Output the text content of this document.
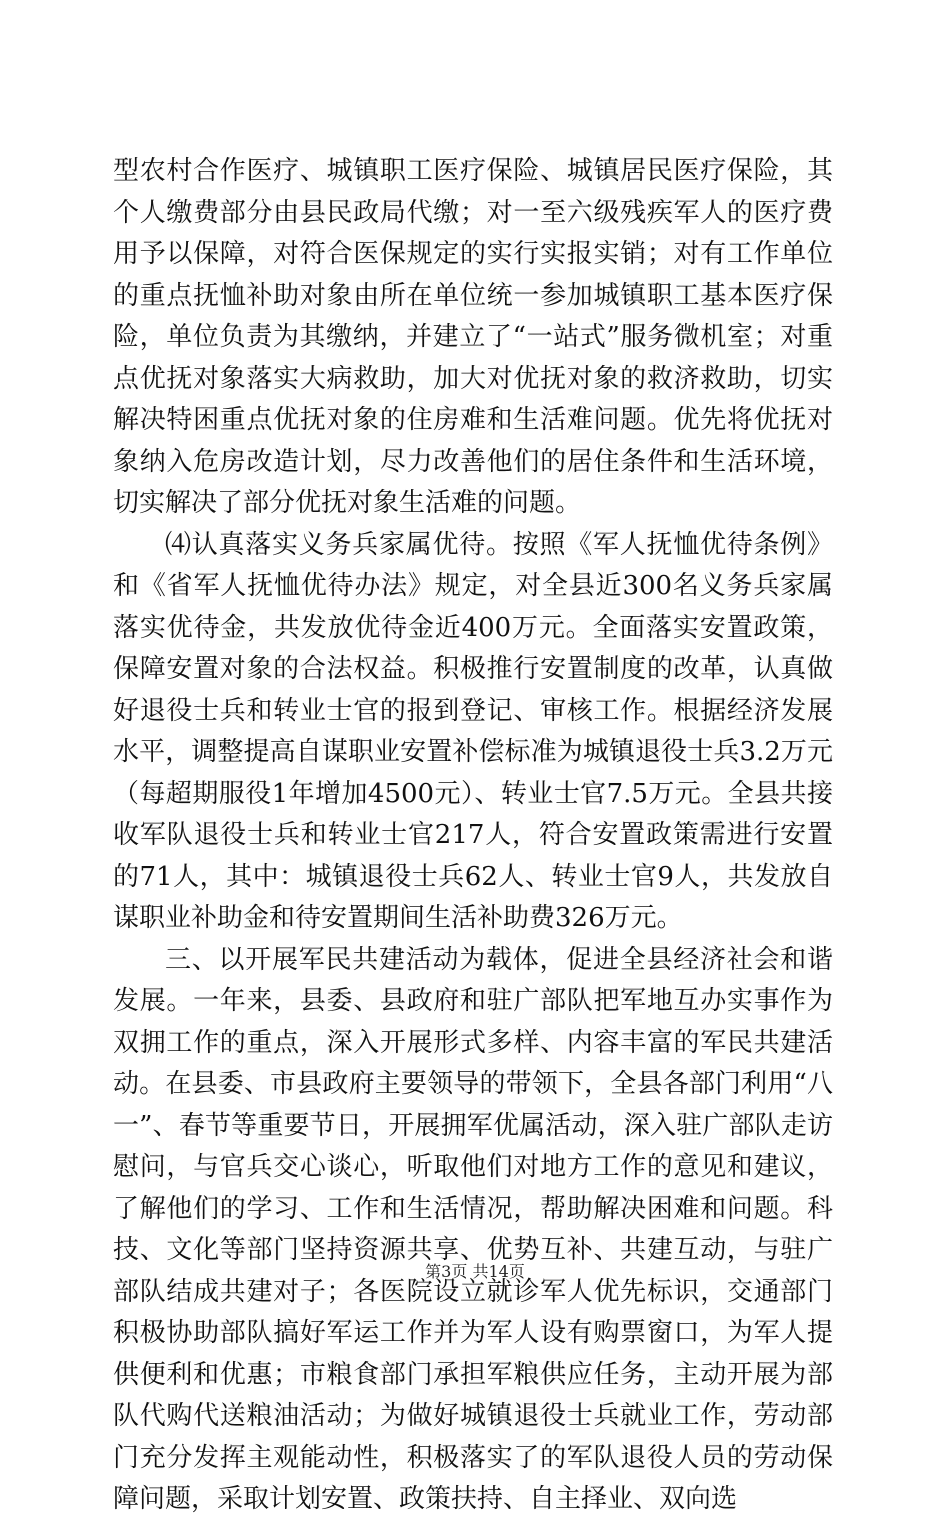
型农村合作医疗、城镇职工医疗保险、城镇居民医疗保险，其个人缴费部分由县民政局代缴；对一至六级残疾军人的医疗费用予以保障，对符合医保规定的实行实报实销；对有工作单位的重点抚恤补助对象由所在单位统一参加城镇职工基本医疗保险，单位负责为其缴纳，并建立了“一站式”服务微机室；对重点优抚对象落实大病救助，加大对优抚对象的救济救助，切实解决特困重点优抚对象的住房难和生活难问题。优先将优抚对象纳入危房改造计划，尽力改善他们的居住条件和生活环境，切实解决了部分优抚对象生活难的问题。

⑷认真落实义务兵家属优待。按照《军人抚恤优待条例》和《省军人抚恤优待办法》规定，对全县近300名义务兵家属落实优待金，共发放优待金近400万元。全面落实安置政策，保障安置对象的合法权益。积极推行安置制度的改革，认真做好退役士兵和转业士官的报到登记、审核工作。根据经济发展水平，调整提高自谋职业安置补偿标准为城镇退役士兵3.2万元（每超期服役1年增加4500元）、转业士官7.5万元。全县共接收军队退役士兵和转业士官217人，符合安置政策需进行安置的71人，其中：城镇退役士兵62人、转业士官9人，共发放自谋职业补助金和待安置期间生活补助费326万元。

三、以开展军民共建活动为载体，促进全县经济社会和谐发展。一年来，县委、县政府和驻广部队把军地互办实事作为双拥工作的重点，深入开展形式多样、内容丰富的军民共建活动。在县委、市县政府主要领导的带领下，全县各部门利用“八一”、春节等重要节日，开展拥军优属活动，深入驻广部队走访慰问，与官兵交心谈心，听取他们对地方工作的意见和建议，了解他们的学习、工作和生活情况，帮助解决困难和问题。科技、文化等部门坚持资源共享、优势互补、共建互动，与驻广部队结成共建对子；各医院设立就诊军人优先标识，交通部门积极协助部队搞好军运工作并为军人设有购票窗口，为军人提供便利和优惠；市粮食部门承担军粮供应任务，主动开展为部队代购代送粮油活动；为做好城镇退役士兵就业工作，劳动部门充分发挥主观能动性，积极落实了的军队退役人员的劳动保障问题，采取计划安置、政策扶持、自主择业、双向选

第3页 共14页
